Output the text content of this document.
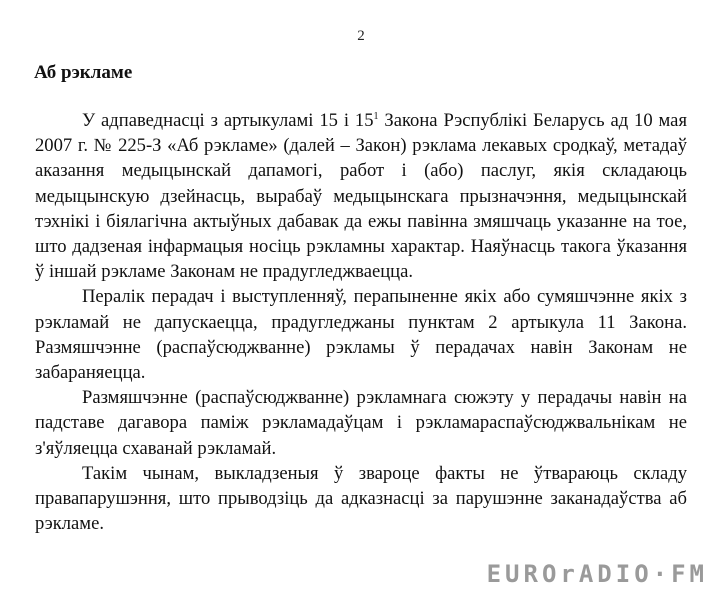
2
Аб рэкламе

У адпаведнасці з артыкуламі 15 і $15^1$ Закона Рэспублікі Беларусь ад 10 мая 2007 г. № 225-З «Аб рэкламе» (далей – Закон) рэклама лекавых сродкаў, метадаў аказання медыцынскай дапамогі, работ і (або) паслуг, якія складаюць медыцынскую дзейнасць, вырабаў медыцынскага прызначэння, медыцынскай тэхнікі і біялагічна актыўных дабавак да ежы павінна змяшчаць указанне на тое, што дадзеная інфармацыя носіць рэкламны характар. Наяўнасць такога ўказання ў іншай рэкламе Законам не прадугледжваецца.

Пералік перадач і выступленняў, перапыненне якіх або сумяшчэнне якіх з рэкламай не дапускаецца, прадугледжаны пунктам 2 артыкула 11 Закона. Размяшчэнне (распаўсюджванне) рэкламы ў перадачах навін Законам не забараняецца.

Размяшчэнне (распаўсюджванне) рэкламнага сюжэту у перадачы навін на падставе дагавора паміж рэкламадаўцам і рэкламараспаўсюджвальнікам не з'яўляецца схаванай рэкламай.

Такім чынам, выкладзеныя ў звароце факты не ўтвараюць складу правапарушэння, што прыводзіць да адказнасці за парушэнне заканадаўства аб рэкламе.

EUROrADIO·FM
